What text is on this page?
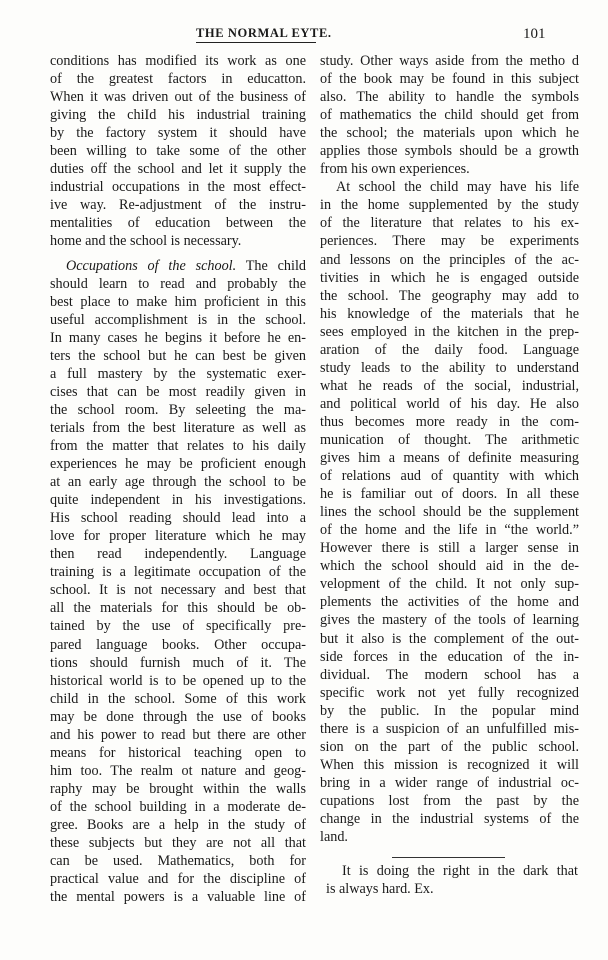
THE NORMAL EYTE.	101
conditions has modified its work as one
of the greatest factors in educatton.
When it was driven out of the business of
giving the chiId his industrial training
by the factory system it should have
been willing to take some of the other
duties off the school and let it supply the
industrial occupations in the most effect-
ive way. Re-adjustment of the instru-
mentalities of education between the
home and the school is necessary.
Occupations of the school. The child
should learn to read and probably the
best place to make him proficient in this
useful accomplishment is in the school.
In many cases he begins it before he en-
ters the school but he can best be given
a full mastery by the systematic exer-
cises that can be most readily given in
the school room. By seleeting the ma-
terials from the best literature as well as
from the matter that relates to his daily
experiences he may be proficient enough
at an early age through the school to be
quite independent in his investigations.
His school reading should lead into a
love for proper literature which he may
then read independently. Language
training is a legitimate occupation of the
school. It is not necessary and best that
all the materials for this should be ob-
tained by the use of specifically pre-
pared language books. Other occupa-
tions should furnish much of it. The
historical world is to be opened up to the
child in the school. Some of this work
may be done through the use of books
and his power to read but there are other
means for historical teaching open to
him too. The realm ot nature and geog-
raphy may be brought within the walls
of the school building in a moderate de-
gree. Books are a help in the study of
these subjects but they are not all that
can be used. Mathematics, both for
practical value and for the discipline of
the mental powers is a valuable line of
study. Other ways aside from the metho d
of the book may be found in this subject
also. The ability to handle the symbols
of mathematics the child should get from
the school; the materials upon which he
applies those symbols should be a growth
from his own experiences.
At school the child may have his life
in the home supplemented by the study
of the literature that relates to his ex-
periences. There may be experiments
and lessons on the principles of the ac-
tivities in which he is engaged outside
the school. The geography may add to
his knowledge of the materials that he
sees employed in the kitchen in the prep-
aration of the daily food. Language
study leads to the ability to understand
what he reads of the social, industrial,
and political world of his day. He also
thus becomes more ready in the com-
munication of thought. The arithmetic
gives him a means of definite measuring
of relations aud of quantity with which
he is familiar out of doors. In all these
lines the school should be the supplement
of the home and the life in “the world.”
However there is still a larger sense in
which the school should aid in the de-
velopment of the child. It not only sup-
plements the activities of the home and
gives the mastery of the tools of learning
but it also is the complement of the out-
side forces in the education of the in-
dividual. The modern school has a
specific work not yet fully recognized
by the public. In the popular mind
there is a suspicion of an unfulfilled mis-
sion on the part of the public school.
When this mission is recognized it will
bring in a wider range of industrial oc-
cupations lost from the past by the
change in the industrial systems of the
land.
It is doing the right in the dark that
is always hard. Ex.
